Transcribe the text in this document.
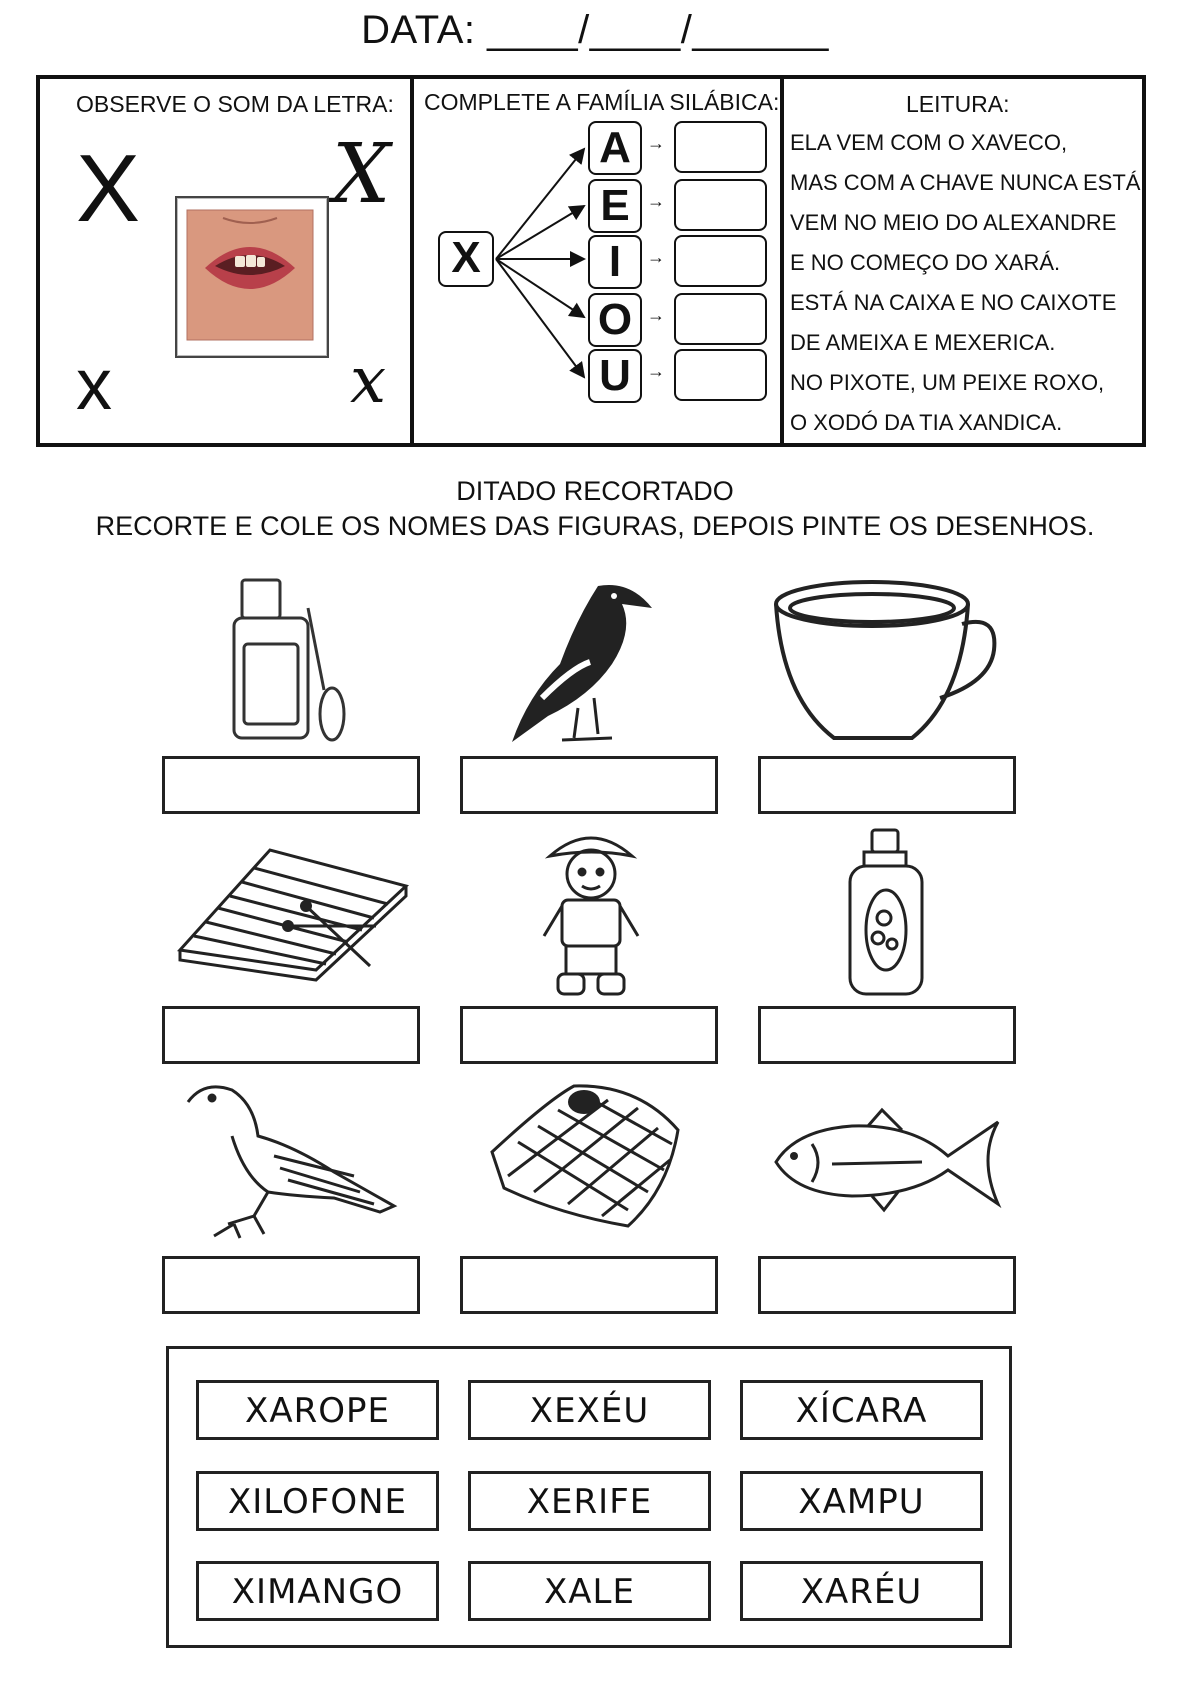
DATA: ____/____/______
OBSERVE O SOM DA LETRA:
X
x
X
x
COMPLETE A FAMÍLIA SILÁBICA:
X
A
E
I
O
U
→
→
→
→
→
LEITURA:
ELA VEM COM O XAVECO,
MAS COM A CHAVE NUNCA ESTÁ
VEM NO MEIO DO ALEXANDRE
E NO COMEÇO DO XARÁ.
ESTÁ NA CAIXA E NO CAIXOTE
DE AMEIXA E MEXERICA.
NO PIXOTE, UM PEIXE ROXO,
O XODÓ DA TIA XANDICA.
DITADO RECORTADO
RECORTE E COLE OS NOMES DAS FIGURAS, DEPOIS PINTE OS DESENHOS.
XAROPE	XEXÉU	XÍCARA
XILOFONE	XERIFE	XAMPU
XIMANGO	XALE	XARÉU
